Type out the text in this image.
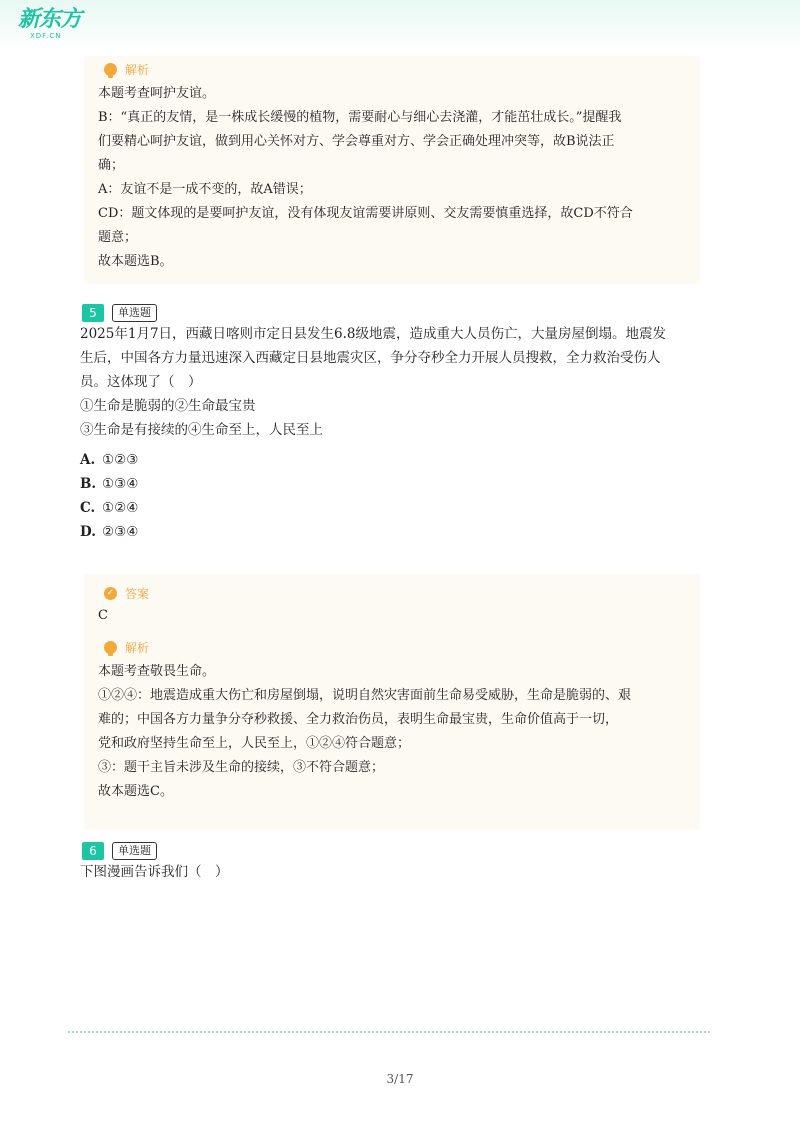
新东方
XDF.CN
解析

本题考查呵护友谊。

B：“真正的友情，是一株成长缓慢的植物，需要耐心与细心去浇灌，才能茁壮成长。”提醒我

们要精心呵护友谊，做到用心关怀对方、学会尊重对方、学会正确处理冲突等，故B说法正

确；

A：友谊不是一成不变的，故A错误；

CD：题文体现的是要呵护友谊，没有体现友谊需要讲原则、交友需要慎重选择，故CD不符合

题意；

故本题选B。

5	单选题
2025年1月7日，西藏日喀则市定日县发生6.8级地震，造成重大人员伤亡，大量房屋倒塌。地震发
生后，中国各方力量迅速深入西藏定日县地震灾区，争分夺秒全力开展人员搜救，全力救治受伤人
员。这体现了（　）
①生命是脆弱的②生命最宝贵
③生命是有接续的④生命至上，人民至上
A. ①②③
B. ①③④
C. ①②④
D. ②③④
✓ 答案

C

解析

本题考查敬畏生命。

①②④：地震造成重大伤亡和房屋倒塌，说明自然灾害面前生命易受威胁，生命是脆弱的、艰

难的；中国各方力量争分夺秒救援、全力救治伤员，表明生命最宝贵，生命价值高于一切，

党和政府坚持生命至上，人民至上，①②④符合题意；

③：题干主旨未涉及生命的接续，③不符合题意；

故本题选C。

6	单选题
下图漫画告诉我们（　）
3/17
